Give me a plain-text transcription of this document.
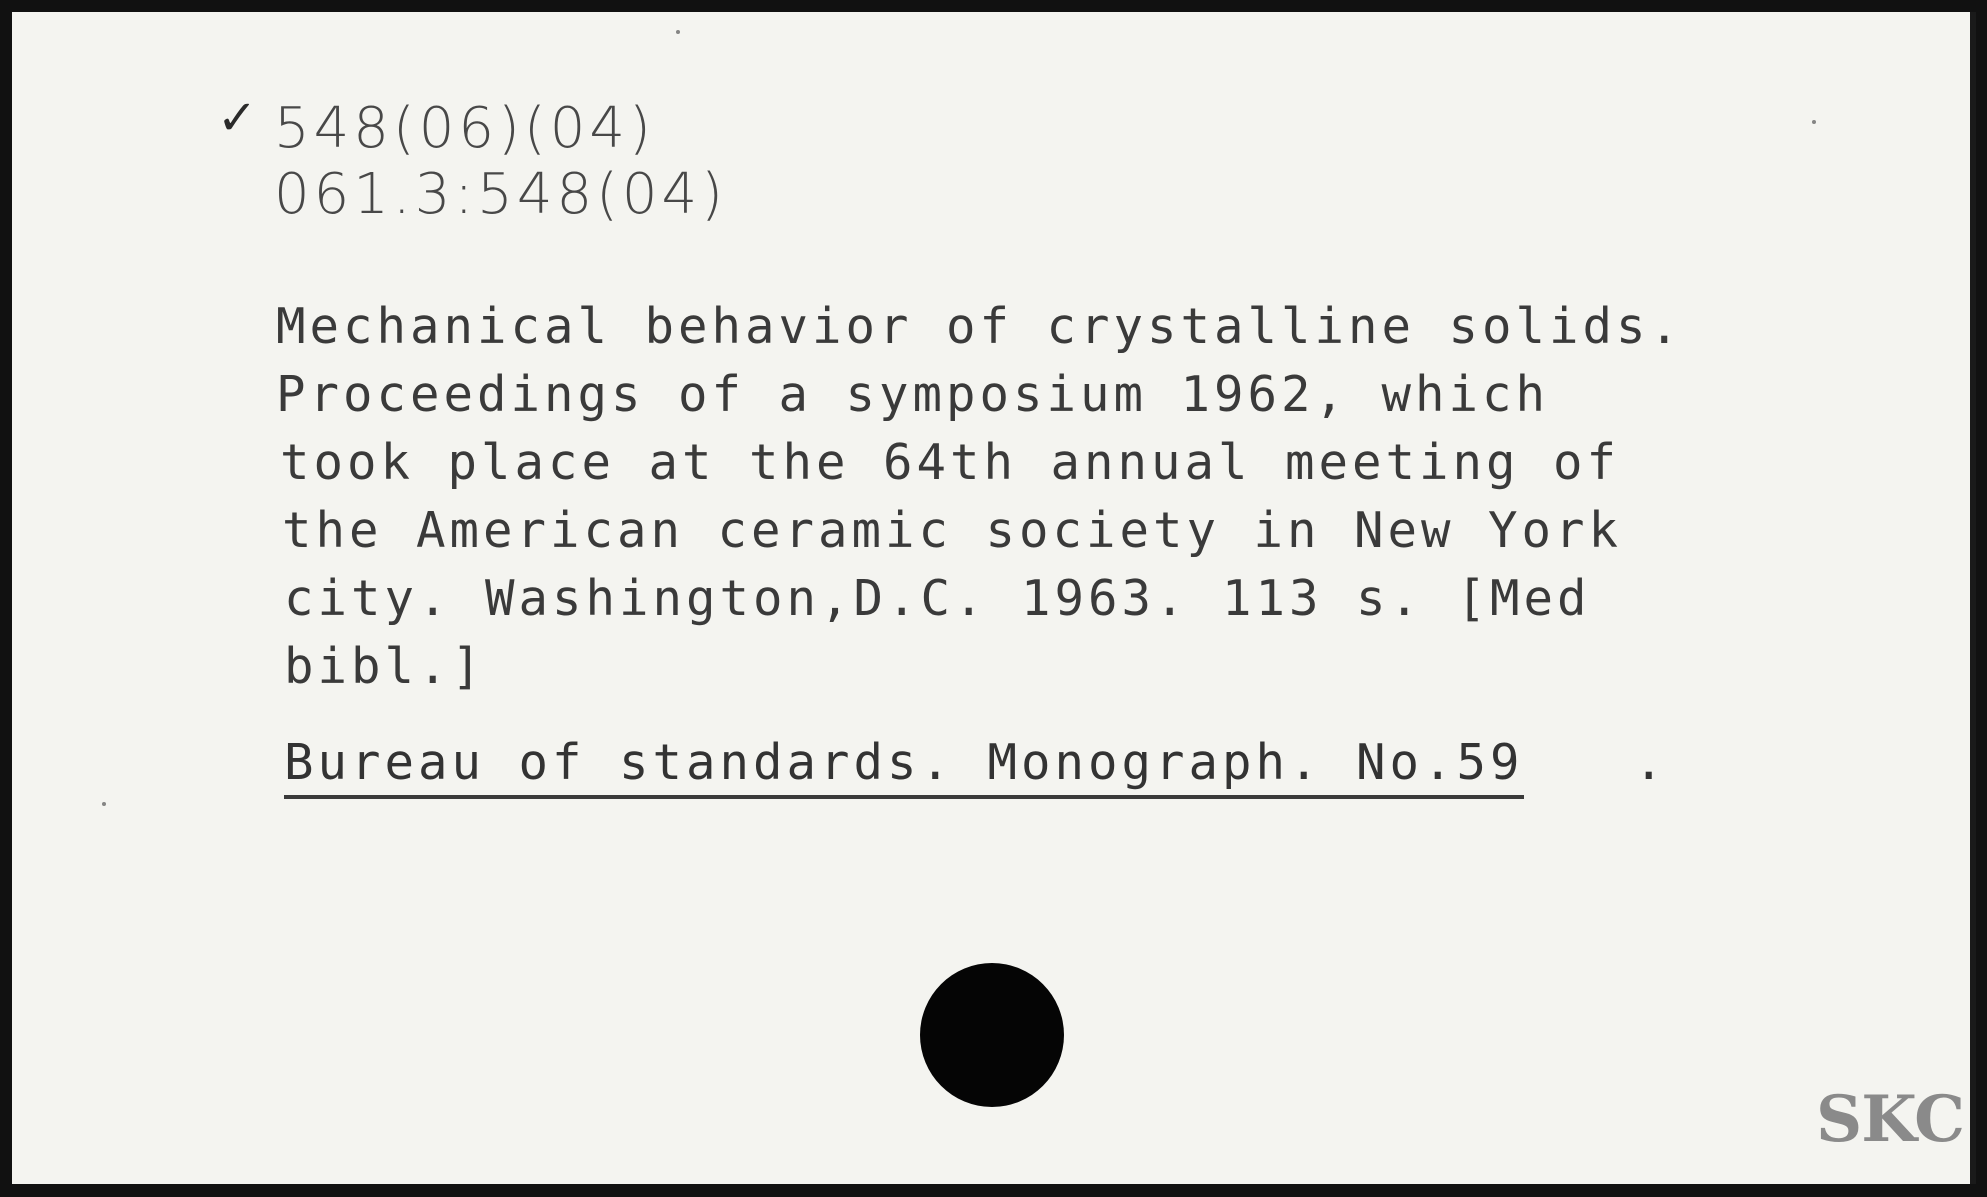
✓ 548(06)(04)
061.3:548(04)
Mechanical behavior of crystalline solids.
Proceedings of a symposium 1962, which
took place at the 64th annual meeting of
the American ceramic society in New York
city. Washington,D.C. 1963. 113 s. [Med
bibl.]
Bureau of standards. Monograph. No.59 .
SKC
